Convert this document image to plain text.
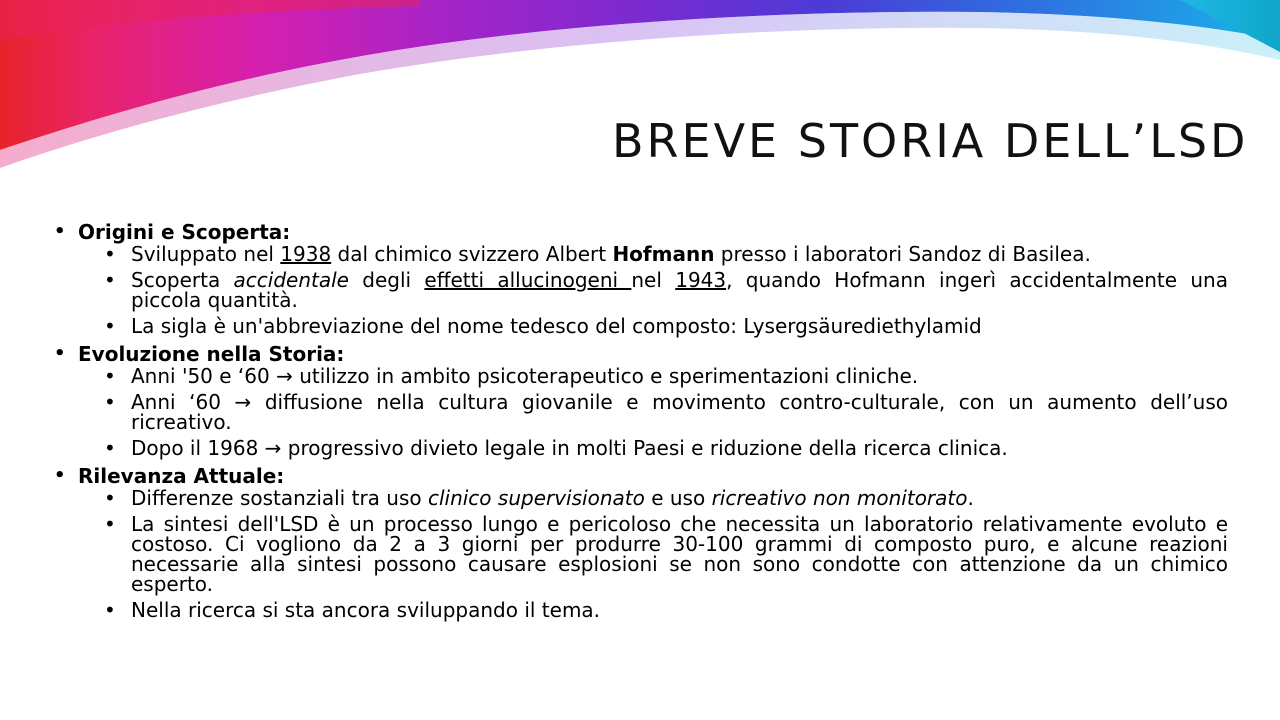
BREVE STORIA DELL’LSD
• Origini e Scoperta:
• Sviluppato nel 1938 dal chimico svizzero Albert Hofmann presso i laboratori Sandoz di Basilea.
• Scoperta accidentale degli effetti allucinogeni nel 1943, quando Hofmann ingerì accidentalmente una piccola quantità.
• La sigla è un'abbreviazione del nome tedesco del composto: Lysergsäurediethylamid
• Evoluzione nella Storia:
• Anni '50 e ‘60 → utilizzo in ambito psicoterapeutico e sperimentazioni cliniche.
• Anni ‘60 → diffusione nella cultura giovanile e movimento contro-culturale, con un aumento dell’uso ricreativo.
• Dopo il 1968 → progressivo divieto legale in molti Paesi e riduzione della ricerca clinica.
• Rilevanza Attuale:
• Differenze sostanziali tra uso clinico supervisionato e uso ricreativo non monitorato.
• La sintesi dell'LSD è un processo lungo e pericoloso che necessita un laboratorio relativamente evoluto e costoso. Ci vogliono da 2 a 3 giorni per produrre 30-100 grammi di composto puro, e alcune reazioni necessarie alla sintesi possono causare esplosioni se non sono condotte con attenzione da un chimico esperto.
• Nella ricerca si sta ancora sviluppando il tema.
